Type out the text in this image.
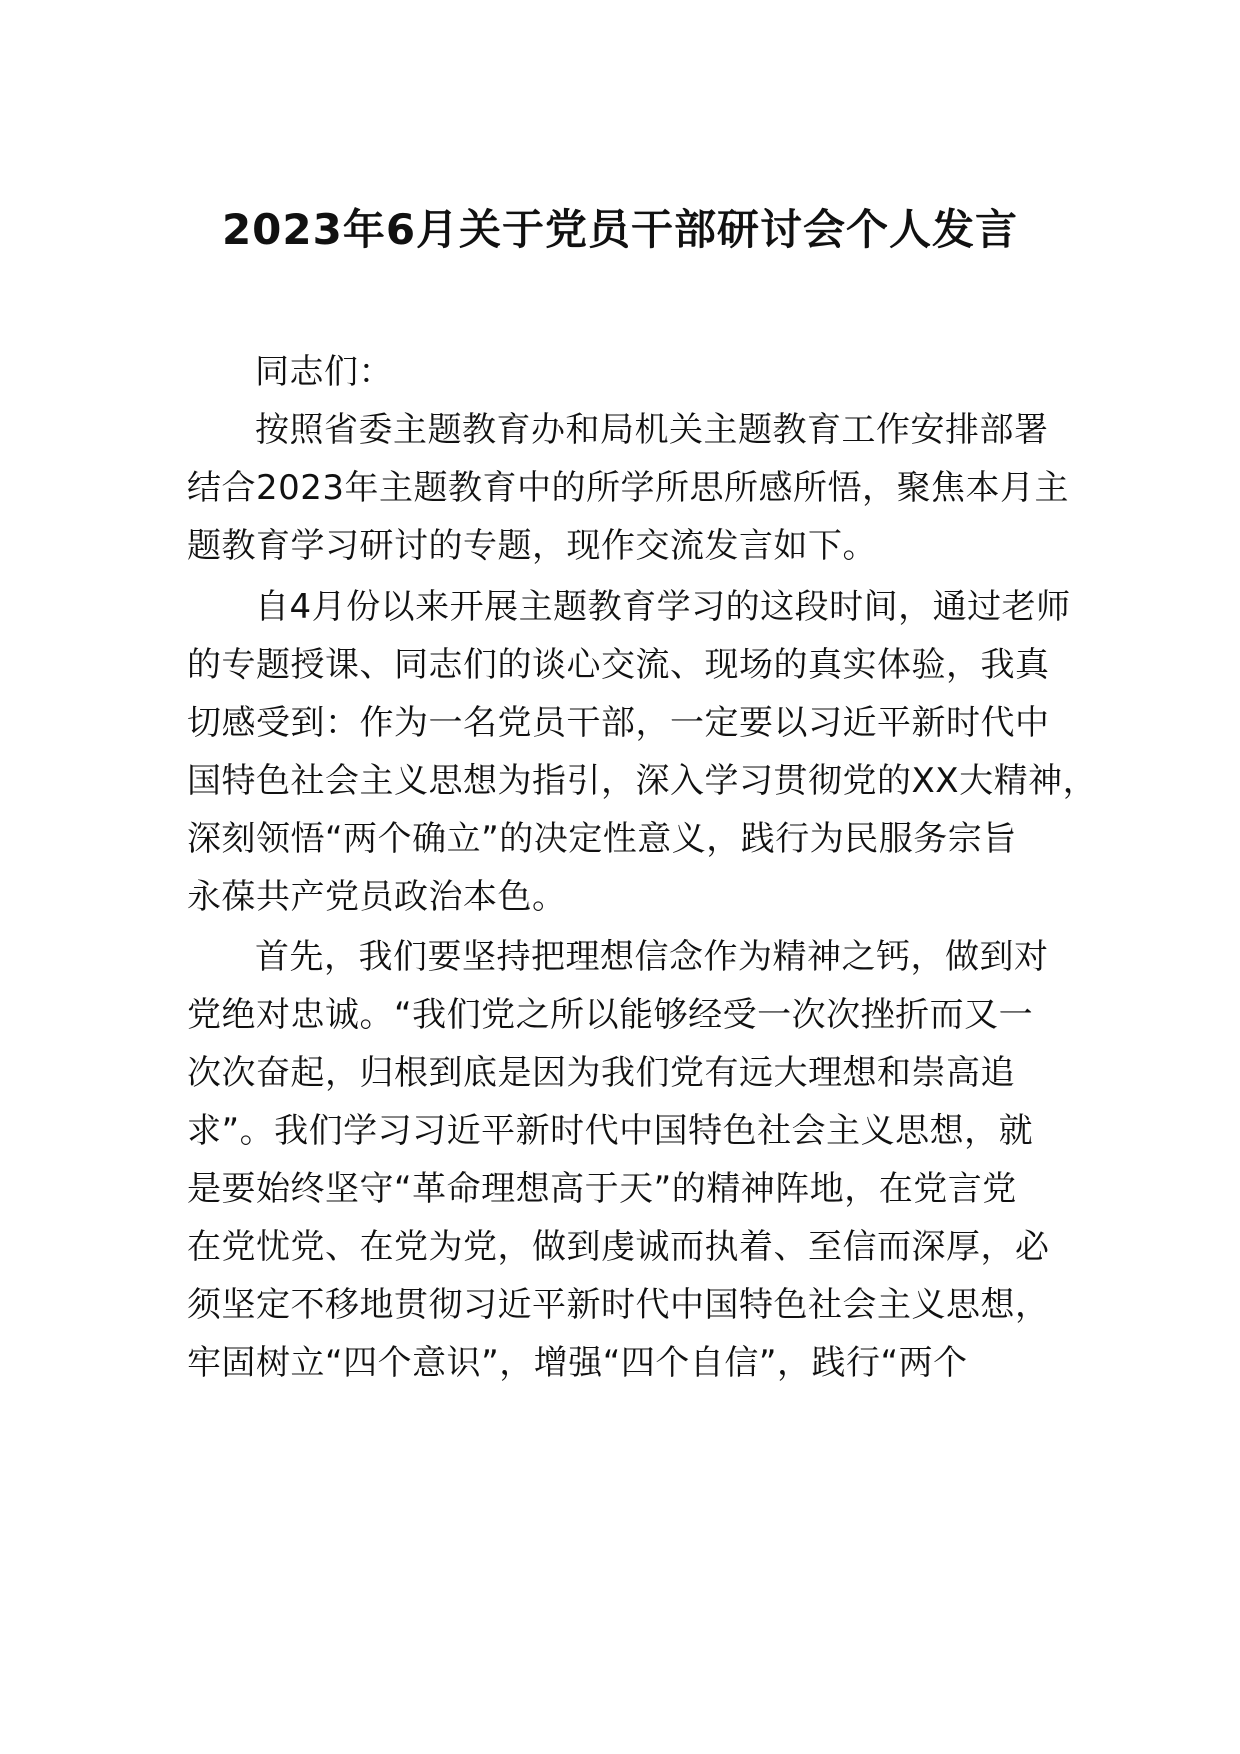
2023年6月关于党员干部研讨会个人发言
同志们：
按照省委主题教育办和局机关主题教育工作安排部署
结合2023年主题教育中的所学所思所感所悟，聚焦本月主
题教育学习研讨的专题，现作交流发言如下。
自4月份以来开展主题教育学习的这段时间，通过老师
的专题授课、同志们的谈心交流、现场的真实体验，我真
切感受到：作为一名党员干部，一定要以习近平新时代中
国特色社会主义思想为指引，深入学习贯彻党的XX大精神，
深刻领悟“两个确立”的决定性意义，践行为民服务宗旨
永葆共产党员政治本色。
首先，我们要坚持把理想信念作为精神之钙，做到对
党绝对忠诚。“我们党之所以能够经受一次次挫折而又一
次次奋起，归根到底是因为我们党有远大理想和崇高追
求”。我们学习习近平新时代中国特色社会主义思想，就
是要始终坚守“革命理想高于天”的精神阵地，在党言党
在党忧党、在党为党，做到虔诚而执着、至信而深厚，必
须坚定不移地贯彻习近平新时代中国特色社会主义思想，
牢固树立“四个意识”，增强“四个自信”，践行“两个
